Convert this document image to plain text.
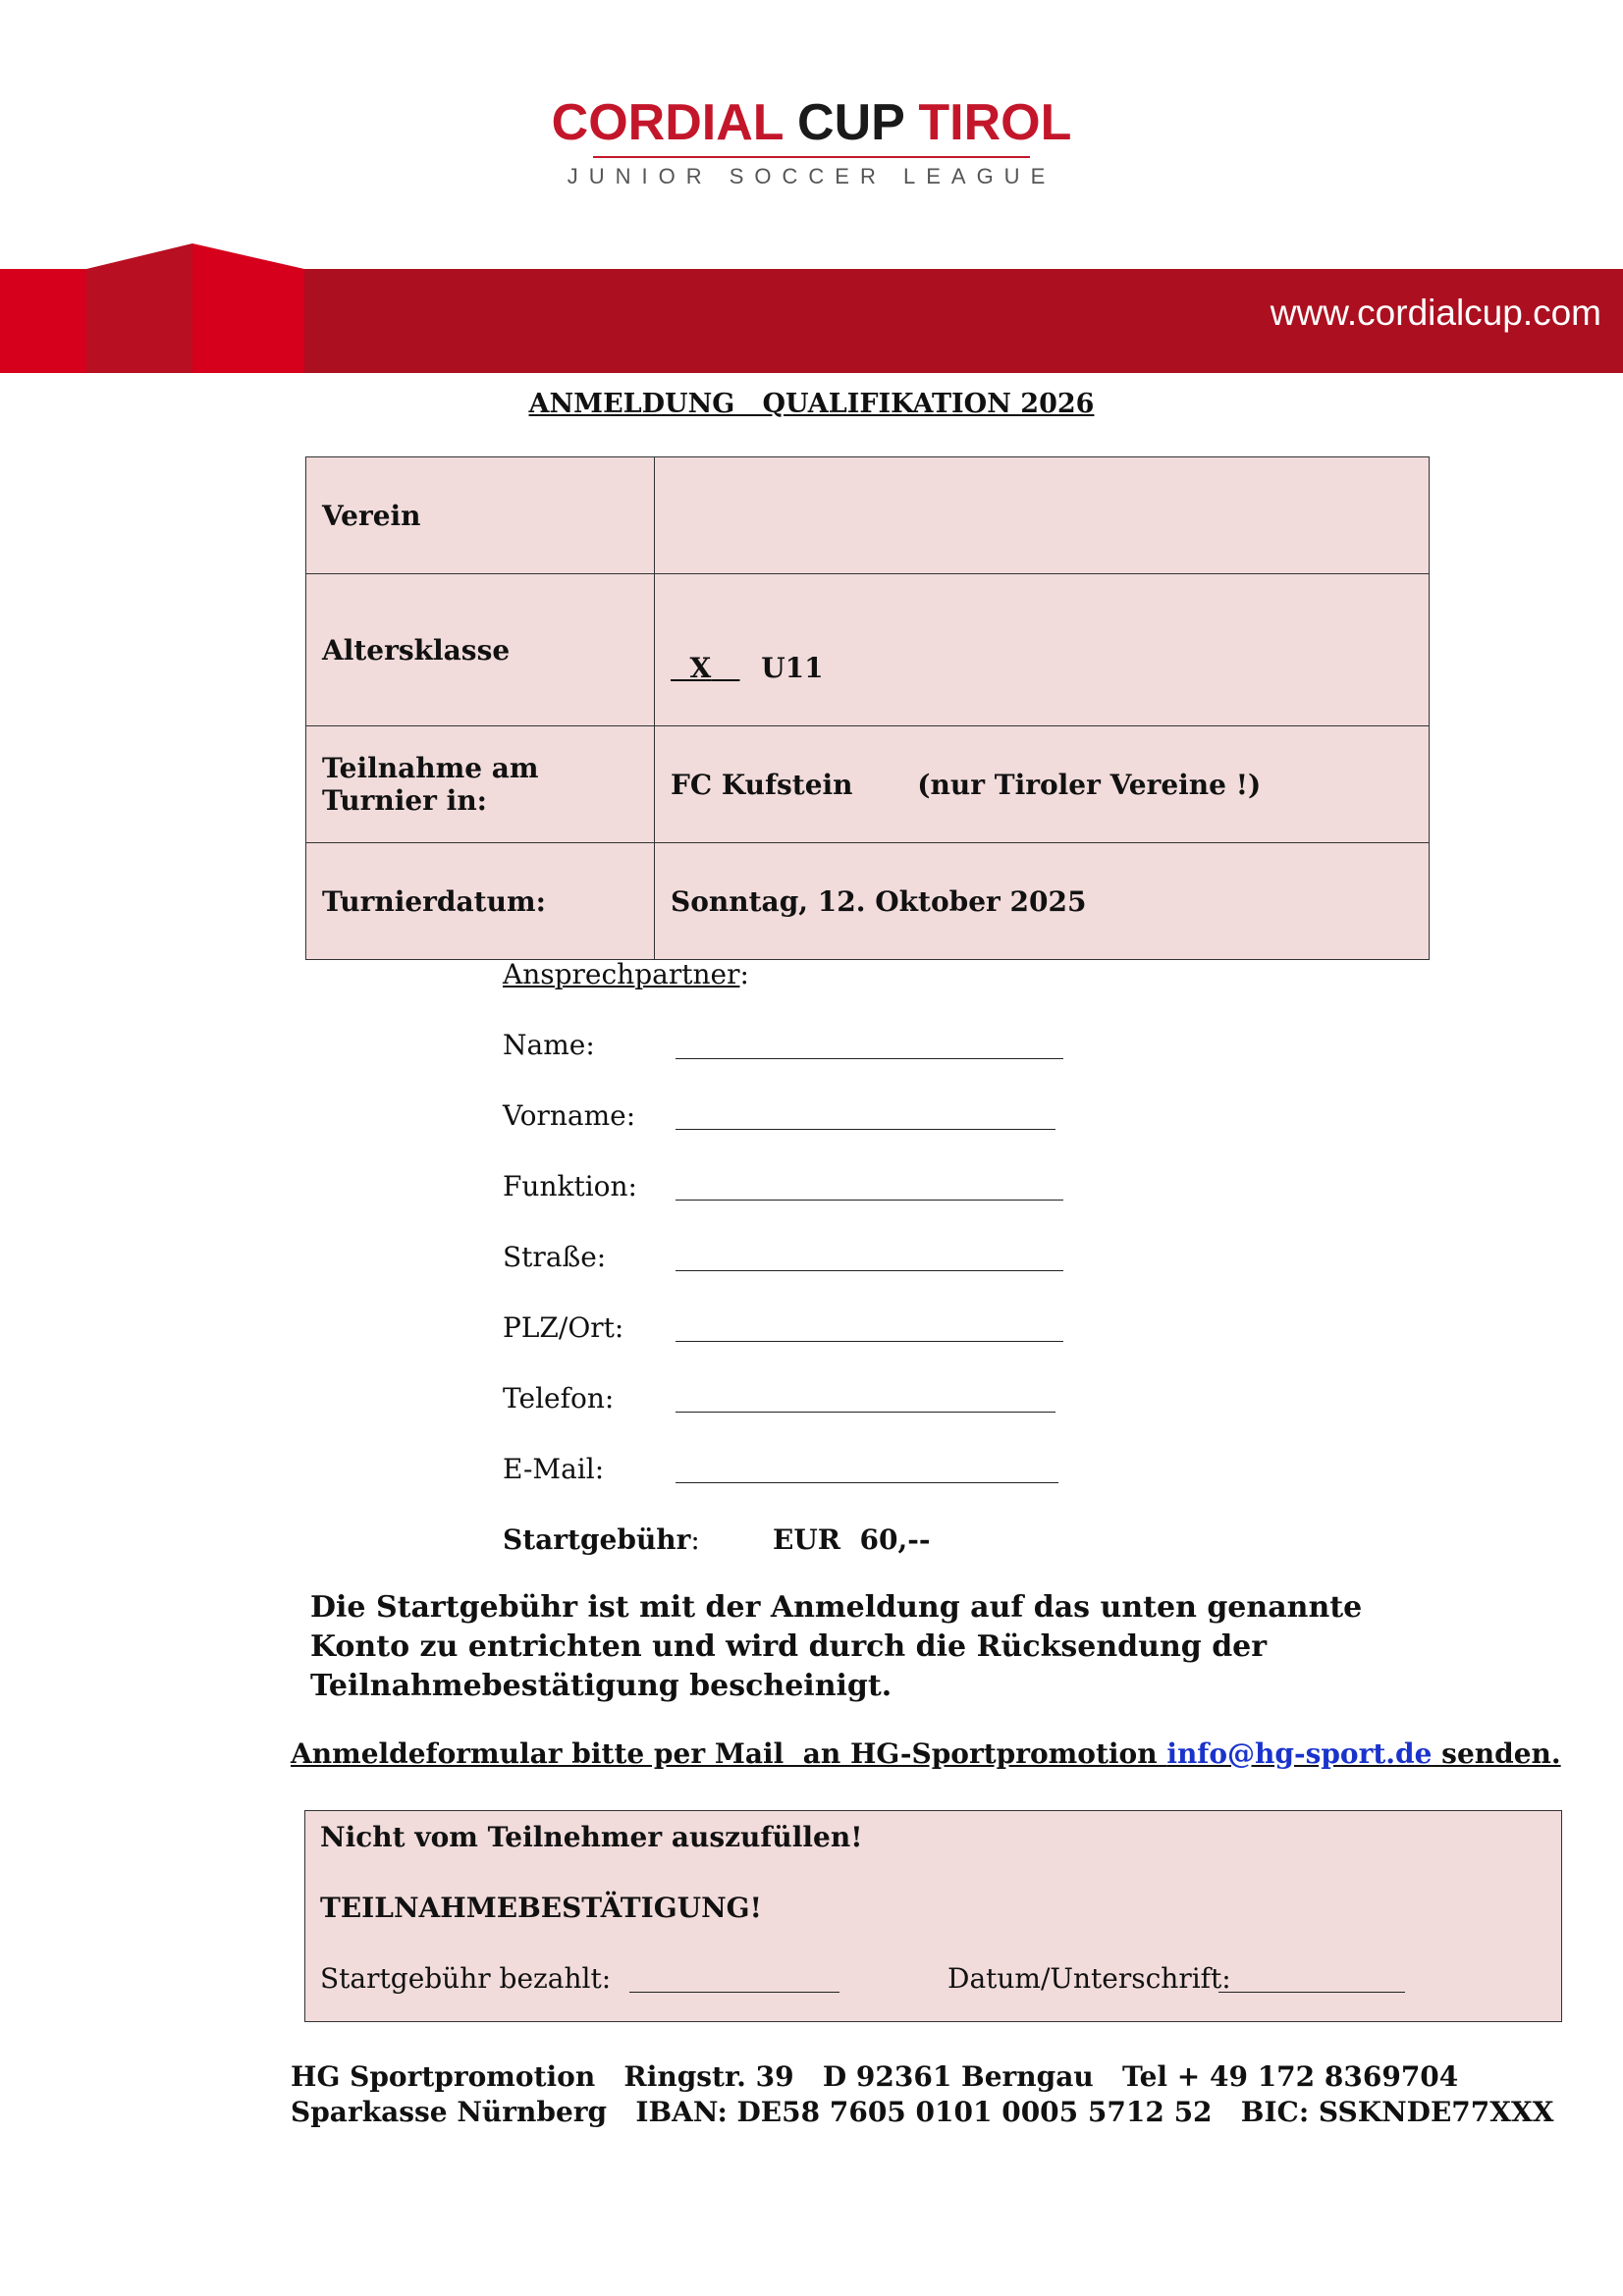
CORDIAL CUP TIROL
JUNIOR SOCCER LEAGUE
www.cordialcup.com
ANMELDUNG   QUALIFIKATION 2026
Verein	
Altersklasse	X U11
Teilnahme am Turnier in:	FC Kufstein (nur Tiroler Vereine !)
Turnierdatum:	Sonntag, 12. Oktober 2025
Ansprechpartner:
Name:
Vorname:
Funktion:
Straße:
PLZ/Ort:
Telefon:
E-Mail:
Startgebühr:	EUR  60,--
Die Startgebühr ist mit der Anmeldung auf das unten genannte Konto zu entrichten und wird durch die Rücksendung der Teilnahmebestätigung bescheinigt.
Anmeldeformular bitte per Mail  an HG-Sportpromotion info@hg-sport.de senden.
Nicht vom Teilnehmer auszufüllen!
TEILNAHMEBESTÄTIGUNG!
Startgebühr bezahlt:	Datum/Unterschrift:
HG Sportpromotion   Ringstr. 39   D 92361 Berngau   Tel + 49 172 8369704
Sparkasse Nürnberg   IBAN: DE58 7605 0101 0005 5712 52   BIC: SSKNDE77XXX
